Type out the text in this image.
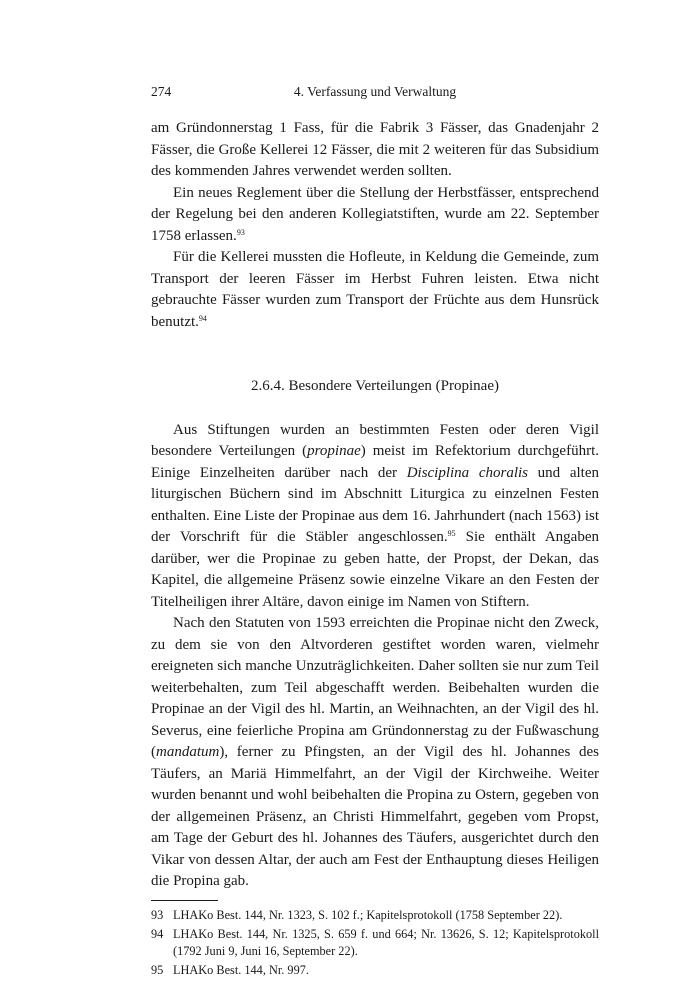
274	4. Verfassung und Verwaltung

am Gründonnerstag 1 Fass, für die Fabrik 3 Fässer, das Gnadenjahr 2 Fässer, die Große Kellerei 12 Fässer, die mit 2 weiteren für das Subsidium des kommenden Jahres verwendet werden sollten.

Ein neues Reglement über die Stellung der Herbstfässer, entsprechend der Regelung bei den anderen Kollegiatstiften, wurde am 22. September 1758 erlassen.$^{93}$

Für die Kellerei mussten die Hofleute, in Keldung die Gemeinde, zum Transport der leeren Fässer im Herbst Fuhren leisten. Etwa nicht gebrauchte Fässer wurden zum Transport der Früchte aus dem Hunsrück benutzt.$^{94}$

2.6.4. Besondere Verteilungen (Propinae)

Aus Stiftungen wurden an bestimmten Festen oder deren Vigil besondere Verteilungen (propinae) meist im Refektorium durchgeführt. Einige Einzelheiten darüber nach der Disciplina choralis und alten liturgischen Büchern sind im Abschnitt Liturgica zu einzelnen Festen enthalten. Eine Liste der Propinae aus dem 16. Jahrhundert (nach 1563) ist der Vorschrift für die Stäbler angeschlossen.$^{95}$ Sie enthält Angaben darüber, wer die Propinae zu geben hatte, der Propst, der Dekan, das Kapitel, die allgemeine Präsenz sowie einzelne Vikare an den Festen der Titelheiligen ihrer Altäre, davon einige im Namen von Stiftern.

Nach den Statuten von 1593 erreichten die Propinae nicht den Zweck, zu dem sie von den Altvorderen gestiftet worden waren, vielmehr ereigneten sich manche Unzuträglichkeiten. Daher sollten sie nur zum Teil weiterbehalten, zum Teil abgeschafft werden. Beibehalten wurden die Propinae an der Vigil des hl. Martin, an Weihnachten, an der Vigil des hl. Severus, eine feierliche Propina am Gründonnerstag zu der Fußwaschung (mandatum), ferner zu Pfingsten, an der Vigil des hl. Johannes des Täufers, an Mariä Himmelfahrt, an der Vigil der Kirchweihe. Weiter wurden benannt und wohl beibehalten die Propina zu Ostern, gegeben von der allgemeinen Präsenz, an Christi Himmelfahrt, gegeben vom Propst, am Tage der Geburt des hl. Johannes des Täufers, ausgerichtet durch den Vikar von dessen Altar, der auch am Fest der Enthauptung dieses Heiligen die Propina gab.

93 LHAKo Best. 144, Nr. 1323, S. 102 f.; Kapitelsprotokoll (1758 September 22).
94 LHAKo Best. 144, Nr. 1325, S. 659 f. und 664; Nr. 13626, S. 12; Kapitelsprotokoll (1792 Juni 9, Juni 16, September 22).
95 LHAKo Best. 144, Nr. 997.
